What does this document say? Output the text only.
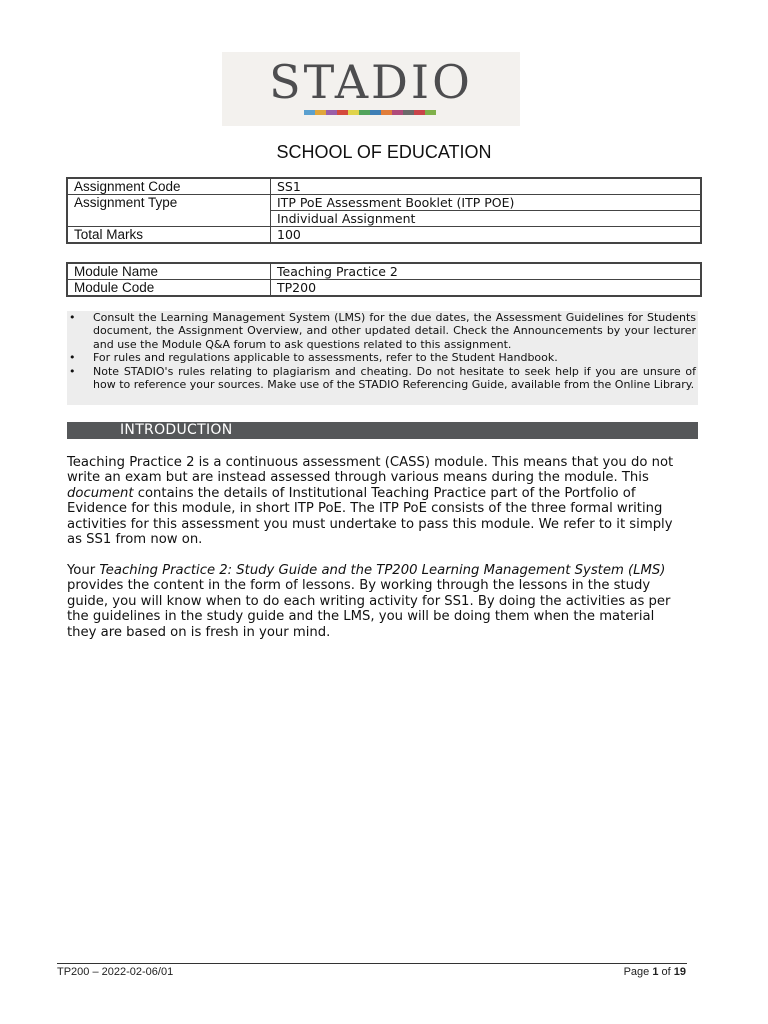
STADIO
SCHOOL OF EDUCATION
Assignment Code	SS1
Assignment Type	ITP PoE Assessment Booklet (ITP POE)
	Individual Assignment
Total Marks	100
Module Name	Teaching Practice 2
Module Code	TP200
• Consult the Learning Management System (LMS) for the due dates, the Assessment Guidelines for Students document, the Assignment Overview, and other updated detail. Check the Announcements by your lecturer and use the Module Q&A forum to ask questions related to this assignment.
• For rules and regulations applicable to assessments, refer to the Student Handbook.
• Note STADIO's rules relating to plagiarism and cheating. Do not hesitate to seek help if you are unsure of how to reference your sources. Make use of the STADIO Referencing Guide, available from the Online Library.
INTRODUCTION
Teaching Practice 2 is a continuous assessment (CASS) module. This means that you do not write an exam but are instead assessed through various means during the module. This document contains the details of Institutional Teaching Practice part of the Portfolio of Evidence for this module, in short ITP PoE. The ITP PoE consists of the three formal writing activities for this assessment you must undertake to pass this module. We refer to it simply as SS1 from now on.
Your Teaching Practice 2: Study Guide and the TP200 Learning Management System (LMS) provides the content in the form of lessons. By working through the lessons in the study guide, you will know when to do each writing activity for SS1. By doing the activities as per the guidelines in the study guide and the LMS, you will be doing them when the material they are based on is fresh in your mind.
TP200 – 2022-02-06/01	Page 1 of 19
